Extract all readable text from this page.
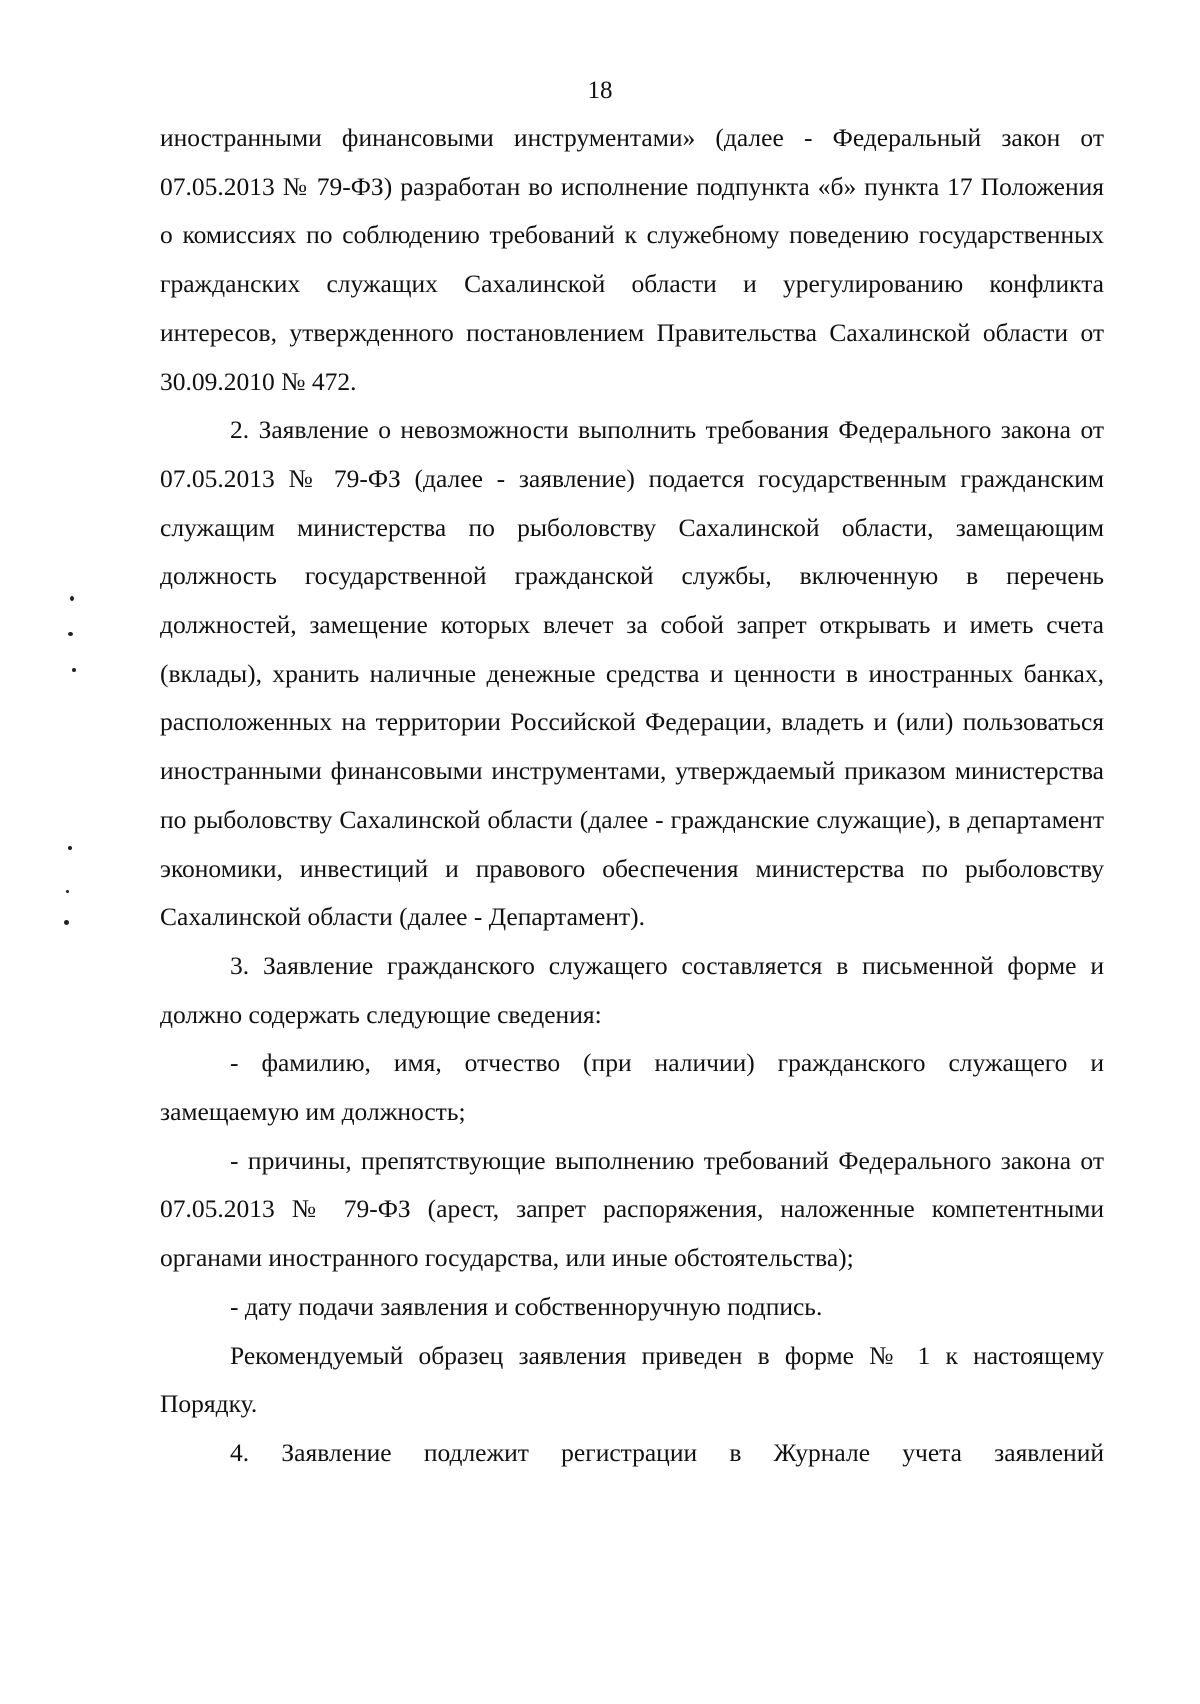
18

иностранными финансовыми инструментами» (далее - Федеральный закон от 07.05.2013 № 79-ФЗ) разработан во исполнение подпункта «б» пункта 17 Положения о комиссиях по соблюдению требований к служебному поведению государственных гражданских служащих Сахалинской области и урегулированию конфликта интересов, утвержденного постановлением Правительства Сахалинской области от 30.09.2010 № 472.

2. Заявление о невозможности выполнить требования Федерального закона от 07.05.2013 № 79-ФЗ (далее - заявление) подается государственным гражданским служащим министерства по рыболовству Сахалинской области, замещающим должность государственной гражданской службы, включенную в перечень должностей, замещение которых влечет за собой запрет открывать и иметь счета (вклады), хранить наличные денежные средства и ценности в иностранных банках, расположенных на территории Российской Федерации, владеть и (или) пользоваться иностранными финансовыми инструментами, утверждаемый приказом министерства по рыболовству Сахалинской области (далее - гражданские служащие), в департамент экономики, инвестиций и правового обеспечения министерства по рыболовству Сахалинской области (далее - Департамент).

3. Заявление гражданского служащего составляется в письменной форме и должно содержать следующие сведения:

- фамилию, имя, отчество (при наличии) гражданского служащего и замещаемую им должность;

- причины, препятствующие выполнению требований Федерального закона от 07.05.2013 № 79-ФЗ (арест, запрет распоряжения, наложенные компетентными органами иностранного государства, или иные обстоятельства);

- дату подачи заявления и собственноручную подпись.

Рекомендуемый образец заявления приведен в форме № 1 к настоящему Порядку.

4. Заявление подлежит регистрации в Журнале учета заявлений
